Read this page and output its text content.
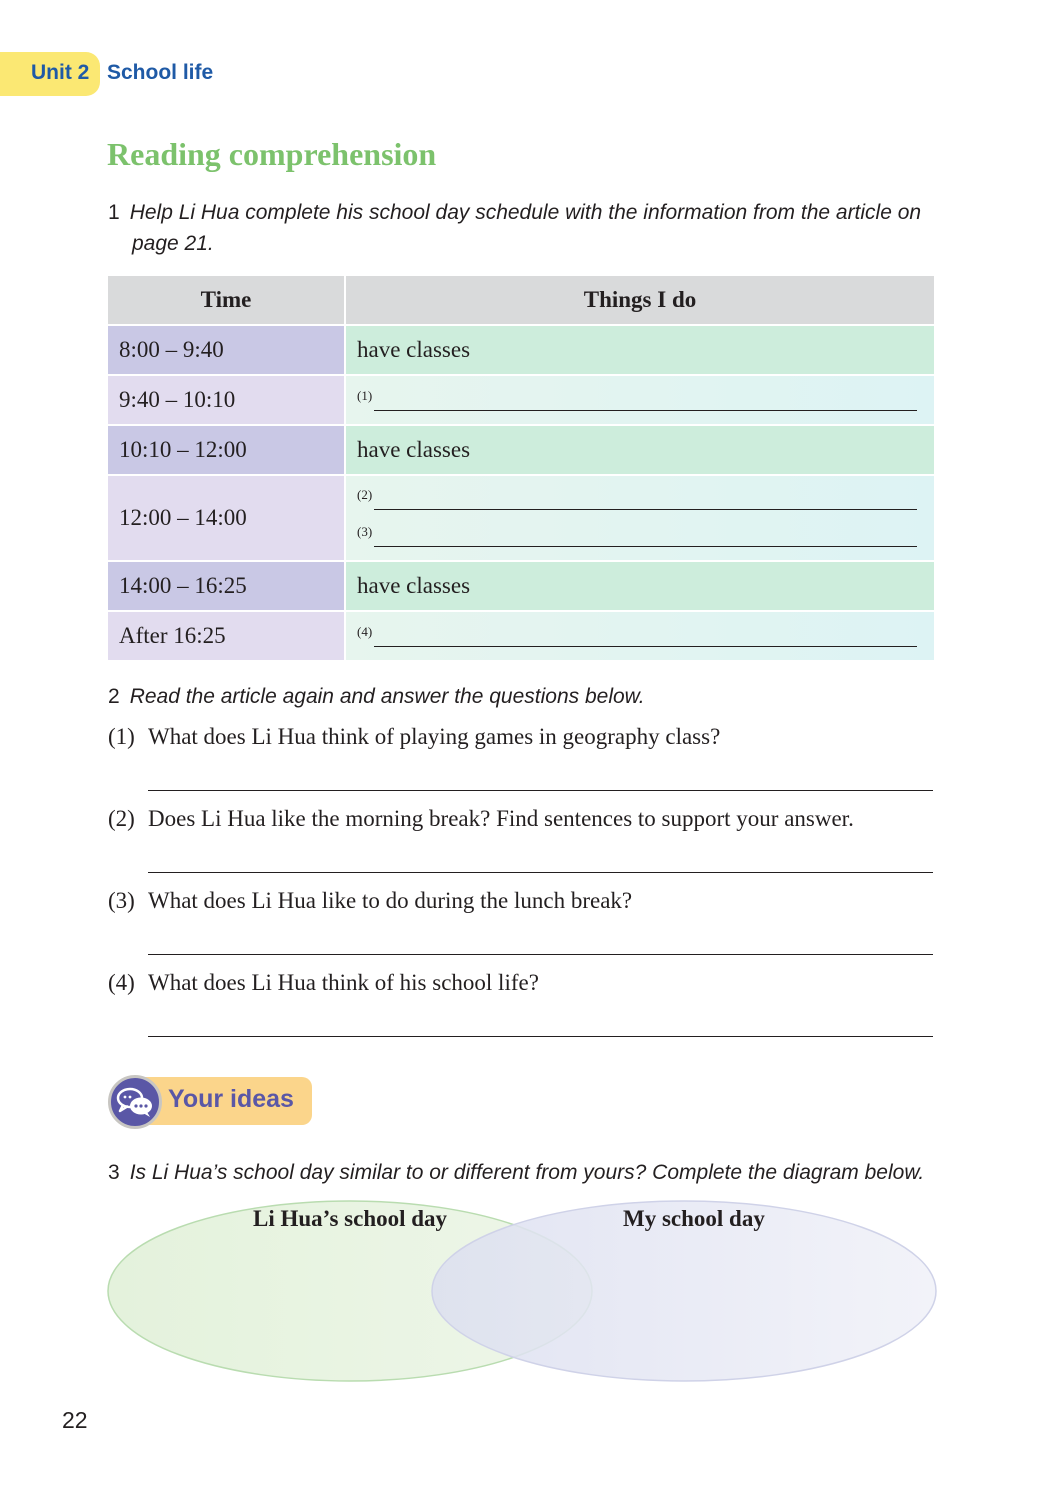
Unit 2 School life
Reading comprehension
1 Help Li Hua complete his school day schedule with the information from the article on
page 21.
Time	Things I do
8:00 – 9:40	have classes
9:40 – 10:10	(1)

10:10 – 12:00	have classes
12:00 – 14:00	(2)
(3)

14:00 – 16:25	have classes
After 16:25	(4)
2 Read the article again and answer the questions below.
(1) What does Li Hua think of playing games in geography class?
(2) Does Li Hua like the morning break? Find sentences to support your answer.
(3) What does Li Hua like to do during the lunch break?
(4) What does Li Hua think of his school life?
Your ideas
3 Is Li Hua’s school day similar to or different from yours? Complete the diagram below.
Li Hua’s school day	My school day
22
